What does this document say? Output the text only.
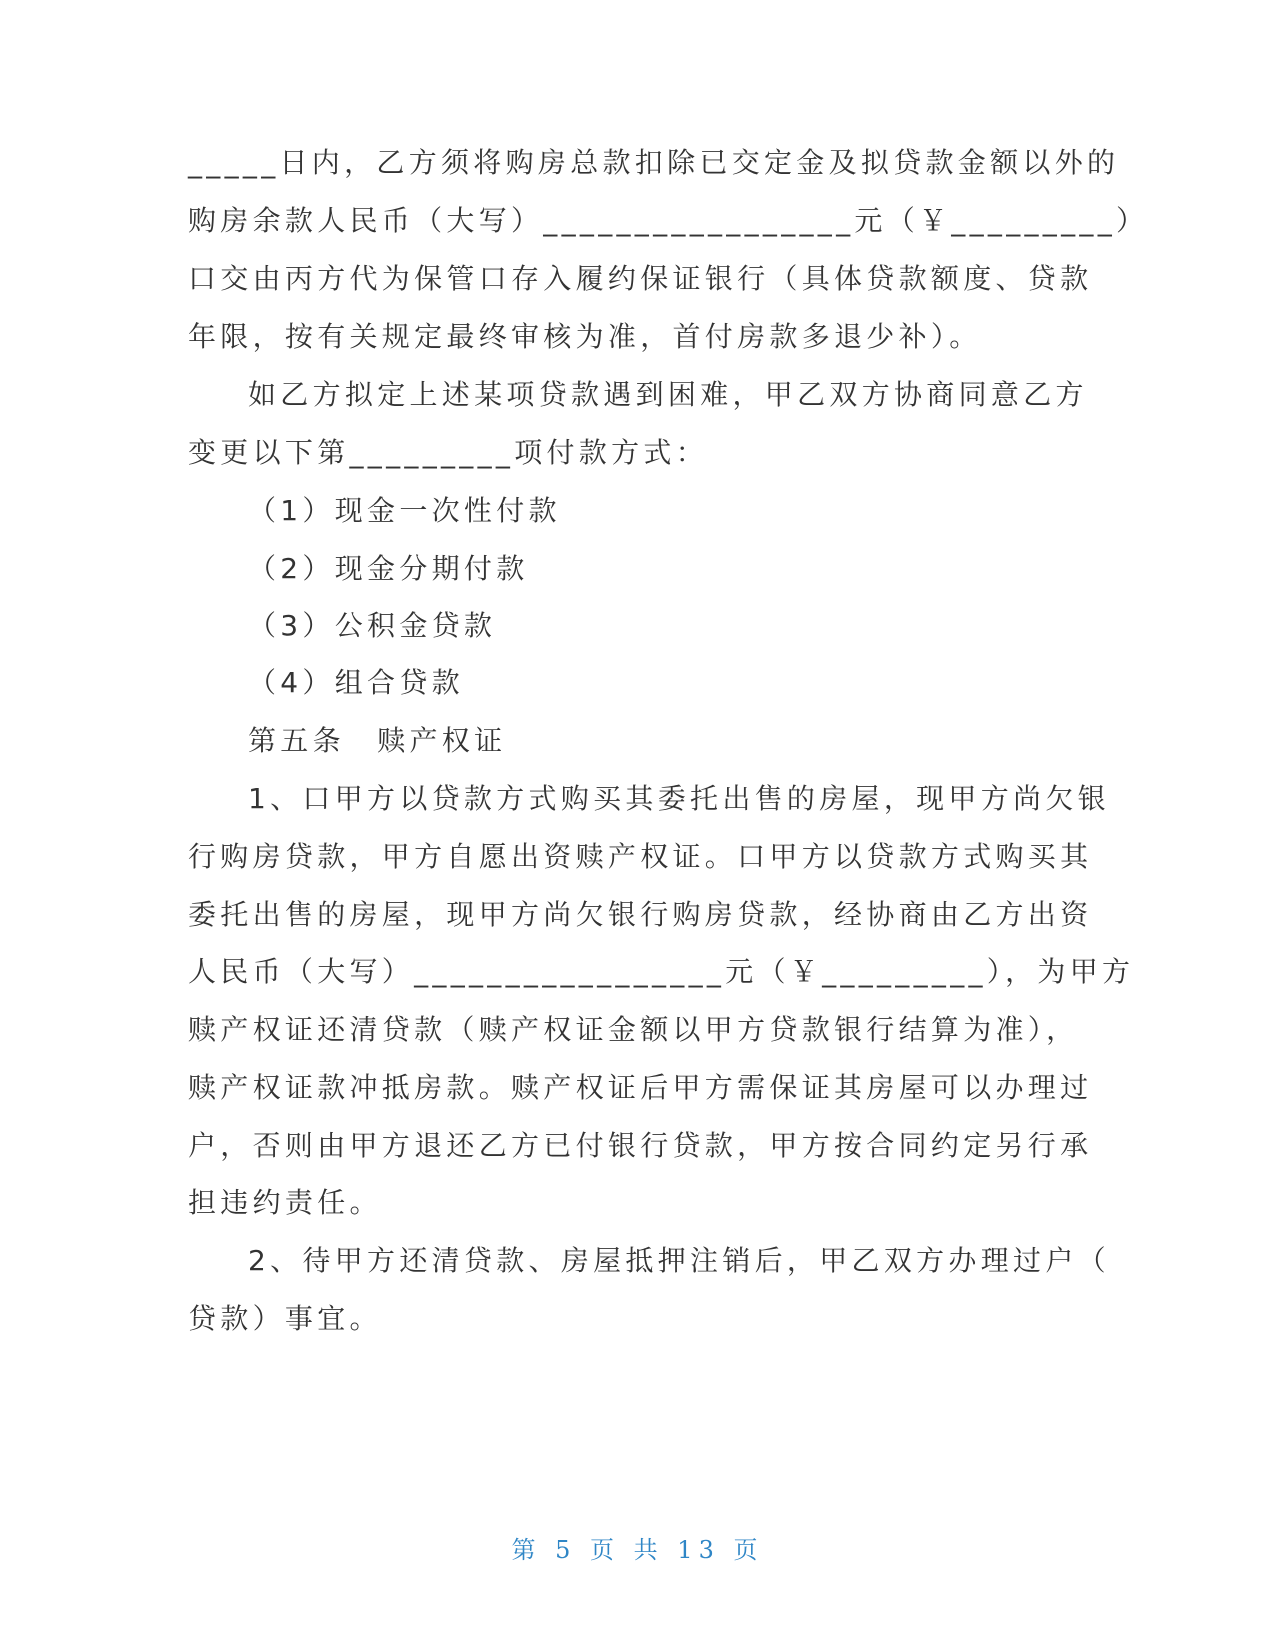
_____日内，乙方须将购房总款扣除已交定金及拟贷款金额以外的
购房余款人民币（大写）_________________元（￥_________）
口交由丙方代为保管口存入履约保证银行（具体贷款额度、贷款
年限，按有关规定最终审核为准，首付房款多退少补）。
如乙方拟定上述某项贷款遇到困难，甲乙双方协商同意乙方
变更以下第_________项付款方式：
（1）现金一次性付款
（2）现金分期付款
（3）公积金贷款
（4）组合贷款
第五条　赎产权证
1、口甲方以贷款方式购买其委托出售的房屋，现甲方尚欠银
行购房贷款，甲方自愿出资赎产权证。口甲方以贷款方式购买其
委托出售的房屋，现甲方尚欠银行购房贷款，经协商由乙方出资
人民币（大写）_________________元（￥_________），为甲方
赎产权证还清贷款（赎产权证金额以甲方贷款银行结算为准），
赎产权证款冲抵房款。赎产权证后甲方需保证其房屋可以办理过
户，否则由甲方退还乙方已付银行贷款，甲方按合同约定另行承
担违约责任。
2、待甲方还清贷款、房屋抵押注销后，甲乙双方办理过户（
贷款）事宜。
第 5 页 共 13 页
